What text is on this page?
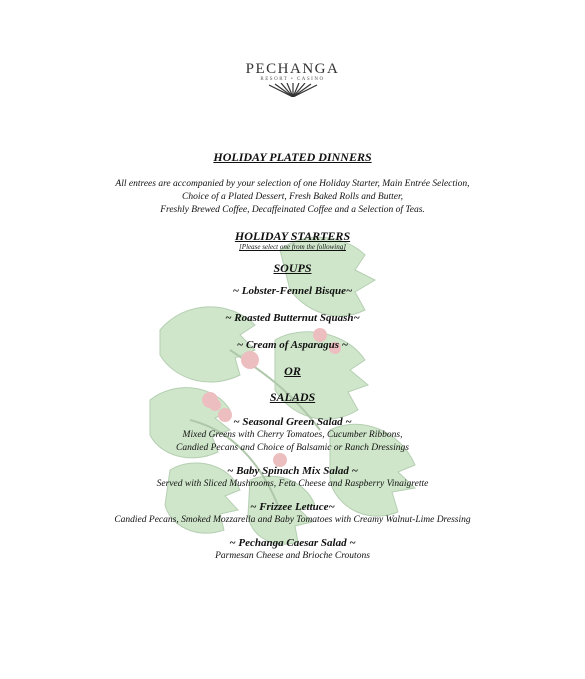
PECHANGA
RESORT • CASINO
HOLIDAY PLATED DINNERS
All entrees are accompanied by your selection of one Holiday Starter, Main Entrée Selection,
Choice of a Plated Dessert, Fresh Baked Rolls and Butter,
Freshly Brewed Coffee, Decaffeinated Coffee and a Selection of Teas.
HOLIDAY STARTERS
[Please select one from the following]
SOUPS
~ Lobster-Fennel Bisque~
~ Roasted Butternut Squash~
~ Cream of Asparagus ~
OR
SALADS
~ Seasonal Green Salad ~
Mixed Greens with Cherry Tomatoes, Cucumber Ribbons,
Candied Pecans and Choice of Balsamic or Ranch Dressings
~ Baby Spinach Mix Salad ~
Served with Sliced Mushrooms, Feta Cheese and Raspberry Vinaigrette
~ Frizzee Lettuce~
Candied Pecans, Smoked Mozzarella and Baby Tomatoes with Creamy Walnut-Lime Dressing
~ Pechanga Caesar Salad ~
Parmesan Cheese and Brioche Croutons
